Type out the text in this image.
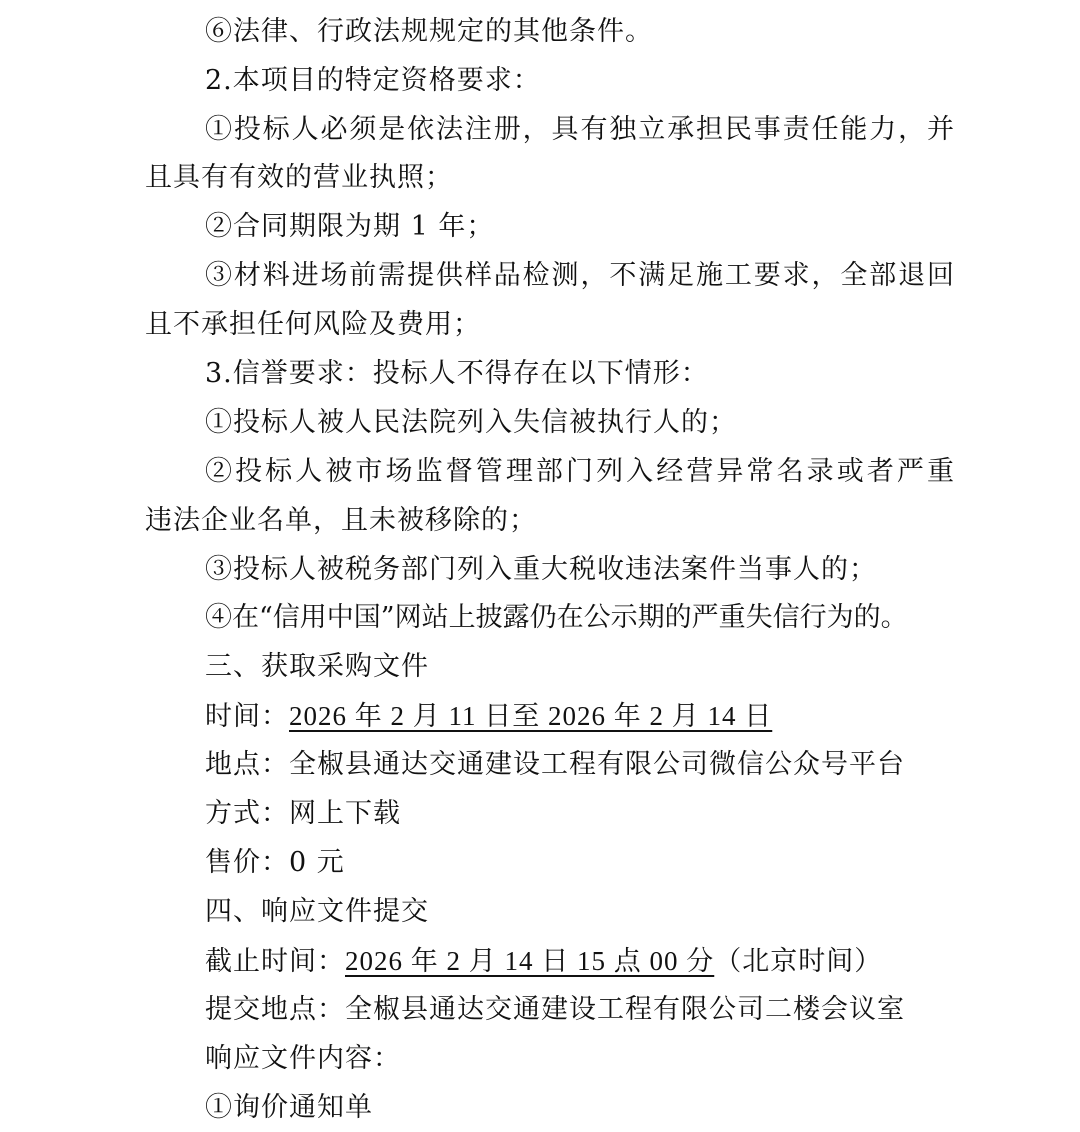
⑥法律、行政法规规定的其他条件。
2.本项目的特定资格要求：
①投标人必须是依法注册，具有独立承担民事责任能力，并
且具有有效的营业执照；
②合同期限为期 1 年；
③材料进场前需提供样品检测，不满足施工要求，全部退回
且不承担任何风险及费用；
3.信誉要求：投标人不得存在以下情形：
①投标人被人民法院列入失信被执行人的；
②投标人被市场监督管理部门列入经营异常名录或者严重
违法企业名单，且未被移除的；
③投标人被税务部门列入重大税收违法案件当事人的；
④在“信用中国”网站上披露仍在公示期的严重失信行为的。
三、获取采购文件
时间：2026 年 2 月 11 日至 2026 年 2 月 14 日
地点：全椒县通达交通建设工程有限公司微信公众号平台
方式：网上下载
售价：0 元
四、响应文件提交
截止时间：2026 年 2 月 14 日 15 点 00 分（北京时间）
提交地点：全椒县通达交通建设工程有限公司二楼会议室
响应文件内容：
①询价通知单
